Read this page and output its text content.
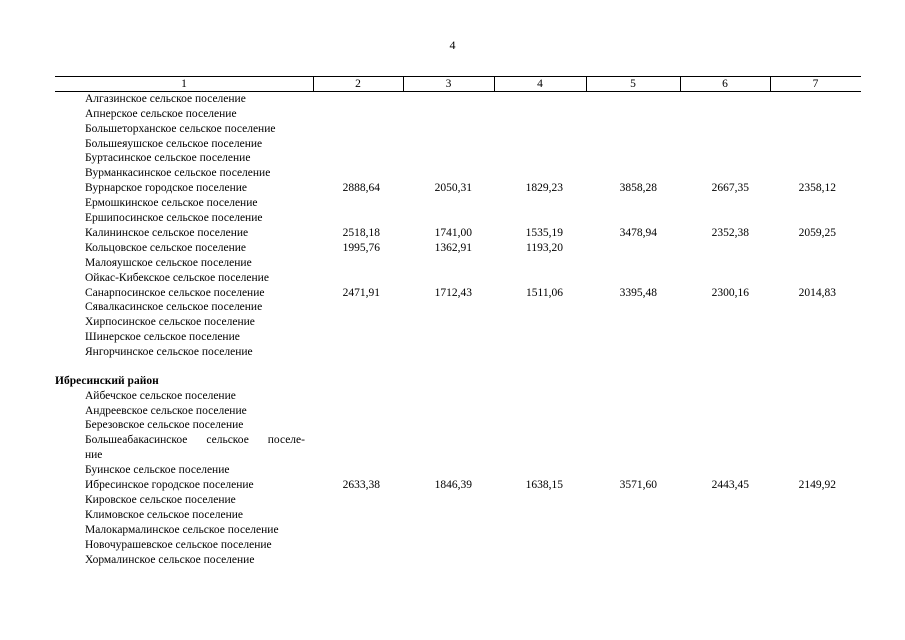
4
1	2	3	4	5	6	7
Алгазинское сельское поселение
Апнерское сельское поселение
Большеторханское сельское поселение
Большеяушское сельское поселение
Буртасинское сельское поселение
Вурманкасинское сельское поселение
Вурнарское городское поселение	2888,64	2050,31	1829,23	3858,28	2667,35	2358,12
Ермошкинское сельское поселение
Ершипосинское сельское поселение
Калининское сельское поселение	2518,18	1741,00	1535,19	3478,94	2352,38	2059,25
Кольцовское сельское поселение	1995,76	1362,91	1193,20
Малояушское сельское поселение
Ойкас-Кибекское сельское поселение
Санарпосинское сельское поселение	2471,91	1712,43	1511,06	3395,48	2300,16	2014,83
Сявалкасинское сельское поселение
Хирпосинское сельское поселение
Шинерское сельское поселение
Янгорчинское сельское поселение
Ибресинский район
Айбечское сельское поселение
Андреевское сельское поселение
Березовское сельское поселение
Большеабакасинское сельское поселе-
ние
Буинское сельское поселение
Ибресинское городское поселение	2633,38	1846,39	1638,15	3571,60	2443,45	2149,92
Кировское сельское поселение
Климовское сельское поселение
Малокармалинское сельское поселение
Новочурашевское сельское поселение
Хормалинское сельское поселение
